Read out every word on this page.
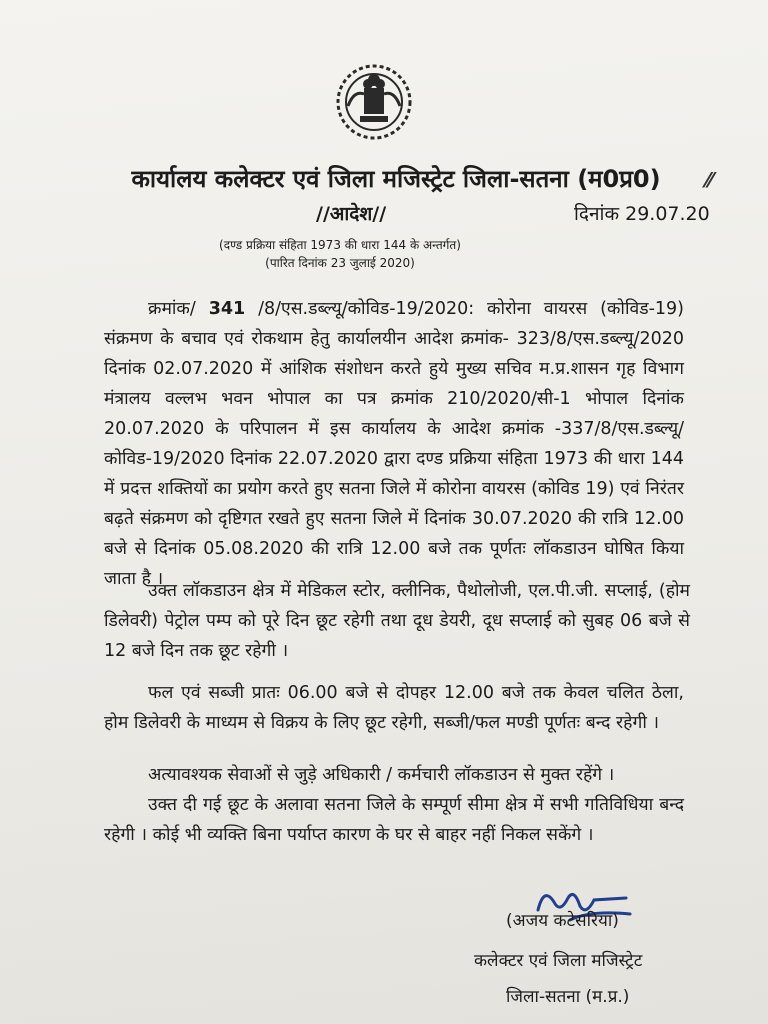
कार्यालय कलेक्टर एवं जिला मजिस्ट्रेट जिला-सतना (म0प्र0)	⁄⁄
//आदेश//	दिनांक 29.07.20
(दण्ड प्रक्रिया संहिता 1973 की धारा 144 के अन्तर्गत)
(पारित दिनांक 23 जुलाई 2020)
क्रमांक/ 341 /8/एस.डब्ल्यू/कोविड-19/2020: कोरोना वायरस (कोविड-19) संक्रमण के बचाव एवं रोकथाम हेतु कार्यालयीन आदेश क्रमांक- 323/8/एस.डब्ल्यू/2020 दिनांक 02.07.2020 में आंशिक संशोधन करते हुये मुख्य सचिव म.प्र.शासन गृह विभाग मंत्रालय वल्लभ भवन भोपाल का पत्र क्रमांक 210/2020/सी-1 भोपाल दिनांक 20.07.2020 के परिपालन में इस कार्यालय के आदेश क्रमांक -337/8/एस.डब्ल्यू/कोविड-19/2020 दिनांक 22.07.2020 द्वारा दण्ड प्रक्रिया संहिता 1973 की धारा 144 में प्रदत्त शक्तियों का प्रयोग करते हुए सतना जिले में कोरोना वायरस (कोविड 19) एवं निरंतर बढ़ते संक्रमण को दृष्टिगत रखते हुए सतना जिले में दिनांक 30.07.2020 की रात्रि 12.00 बजे से दिनांक 05.08.2020 की रात्रि 12.00 बजे तक पूर्णतः लॉकडाउन घोषित किया जाता है ।
उक्त लॉकडाउन क्षेत्र में मेडिकल स्टोर, क्लीनिक, पैथोलोजी, एल.पी.जी. सप्लाई, (होम डिलेवरी) पेट्रोल पम्प को पूरे दिन छूट रहेगी तथा दूध डेयरी, दूध सप्लाई को सुबह 06 बजे से 12 बजे दिन तक छूट रहेगी ।
फल एवं सब्जी प्रातः 06.00 बजे से दोपहर 12.00 बजे तक केवल चलित ठेला, होम डिलेवरी के माध्यम से विक्रय के लिए छूट रहेगी, सब्जी/फल मण्डी पूर्णतः बन्द रहेगी ।
अत्यावश्यक सेवाओं से जुड़े अधिकारी / कर्मचारी लॉकडाउन से मुक्त रहेंगे ।
उक्त दी गई छूट के अलावा सतना जिले के सम्पूर्ण सीमा क्षेत्र में सभी गतिविधिया बन्द रहेगी । कोई भी व्यक्ति बिना पर्याप्त कारण के घर से बाहर नहीं निकल सकेंगे ।
(अजय कटेसरिया)
कलेक्टर एवं जिला मजिस्ट्रेट
जिला-सतना (म.प्र.)
